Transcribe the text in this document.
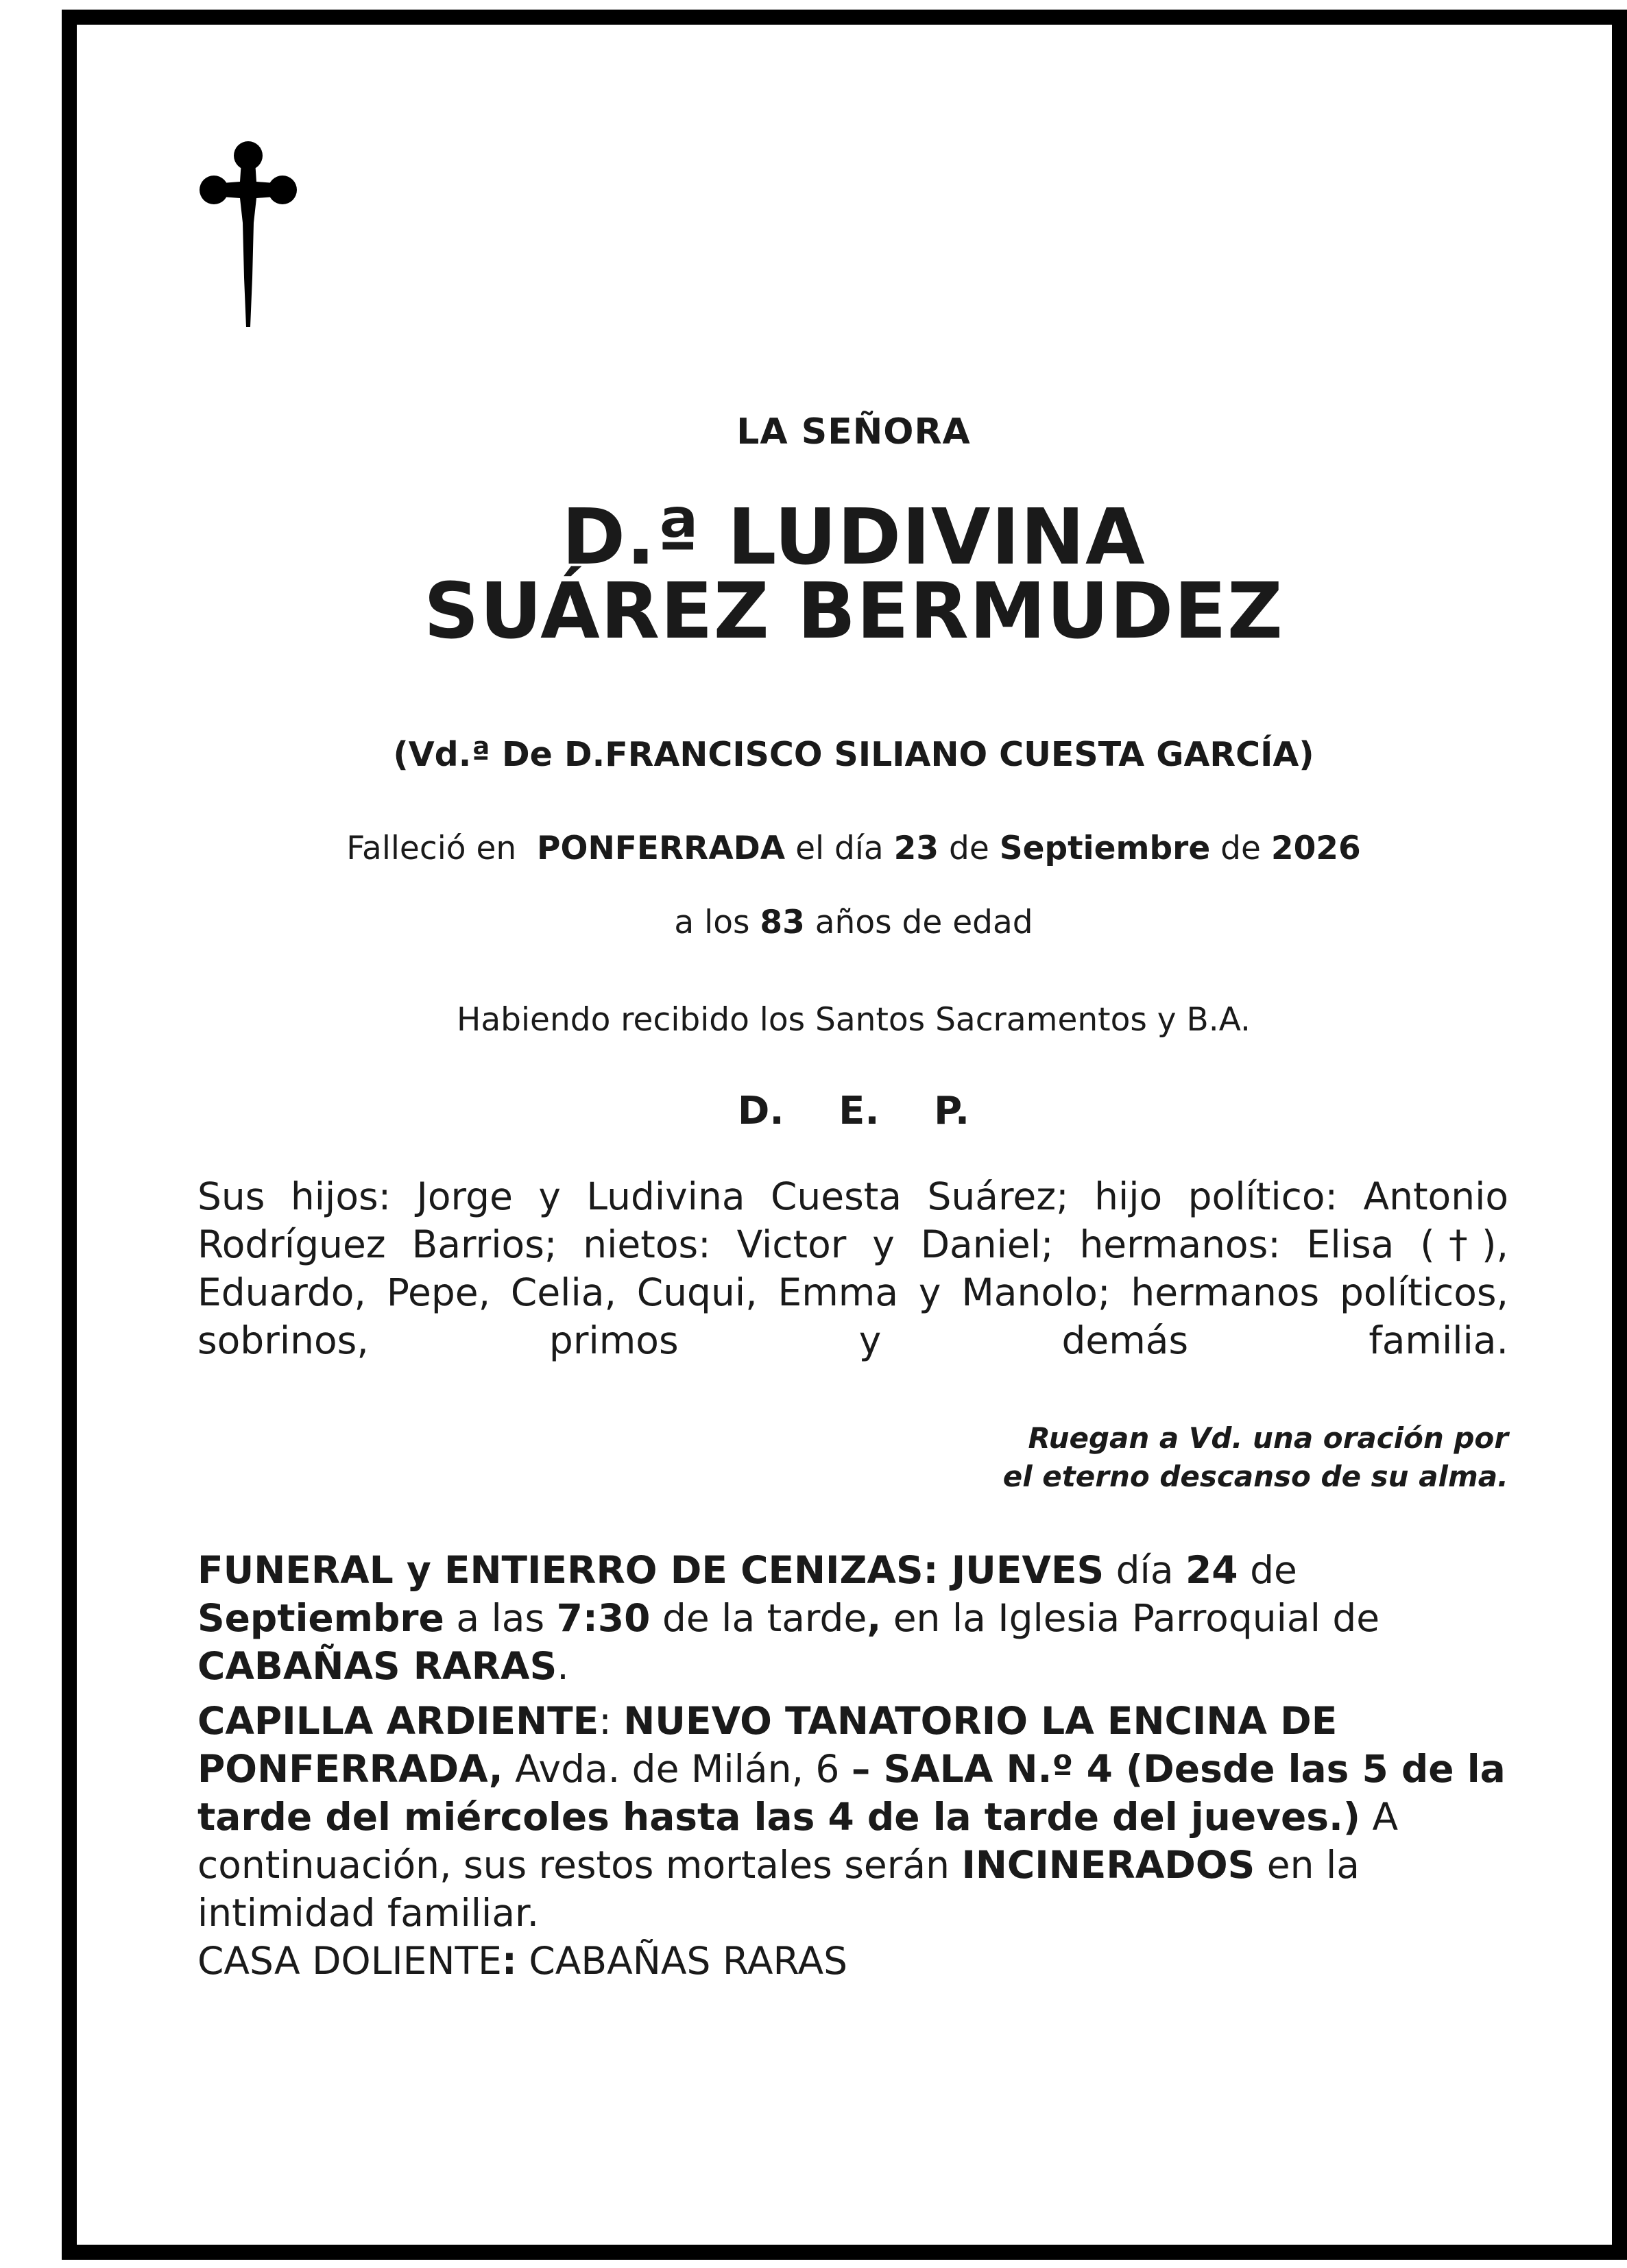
LA SEÑORA
D.ª LUDIVINA
SUÁREZ BERMUDEZ
(Vd.ª De D.FRANCISCO SILIANO CUESTA GARCÍA)
Falleció en PONFERRADA el día 23 de Septiembre de 2026
a los 83 años de edad
Habiendo recibido los Santos Sacramentos y B.A.
D. E. P.
Sus hijos: Jorge y Ludivina Cuesta Suárez; hijo político: Antonio Rodríguez Barrios; nietos: Victor y Daniel; hermanos: Elisa (†), Eduardo, Pepe, Celia, Cuqui, Emma y Manolo; hermanos políticos, sobrinos, primos y demás familia.
Ruegan a Vd. una oración por
el eterno descanso de su alma.
FUNERAL y ENTIERRO DE CENIZAS: JUEVES día 24 de Septiembre a las 7:30 de la tarde, en la Iglesia Parroquial de  CABAÑAS RARAS.
CAPILLA ARDIENTE: NUEVO TANATORIO LA ENCINA DE PONFERRADA, Avda. de Milán, 6 – SALA N.º 4 (Desde las 5 de la tarde del miércoles hasta las 4 de la tarde del jueves.) A continuación, sus restos mortales serán INCINERADOS en la intimidad familiar.
CASA DOLIENTE: CABAÑAS RARAS
